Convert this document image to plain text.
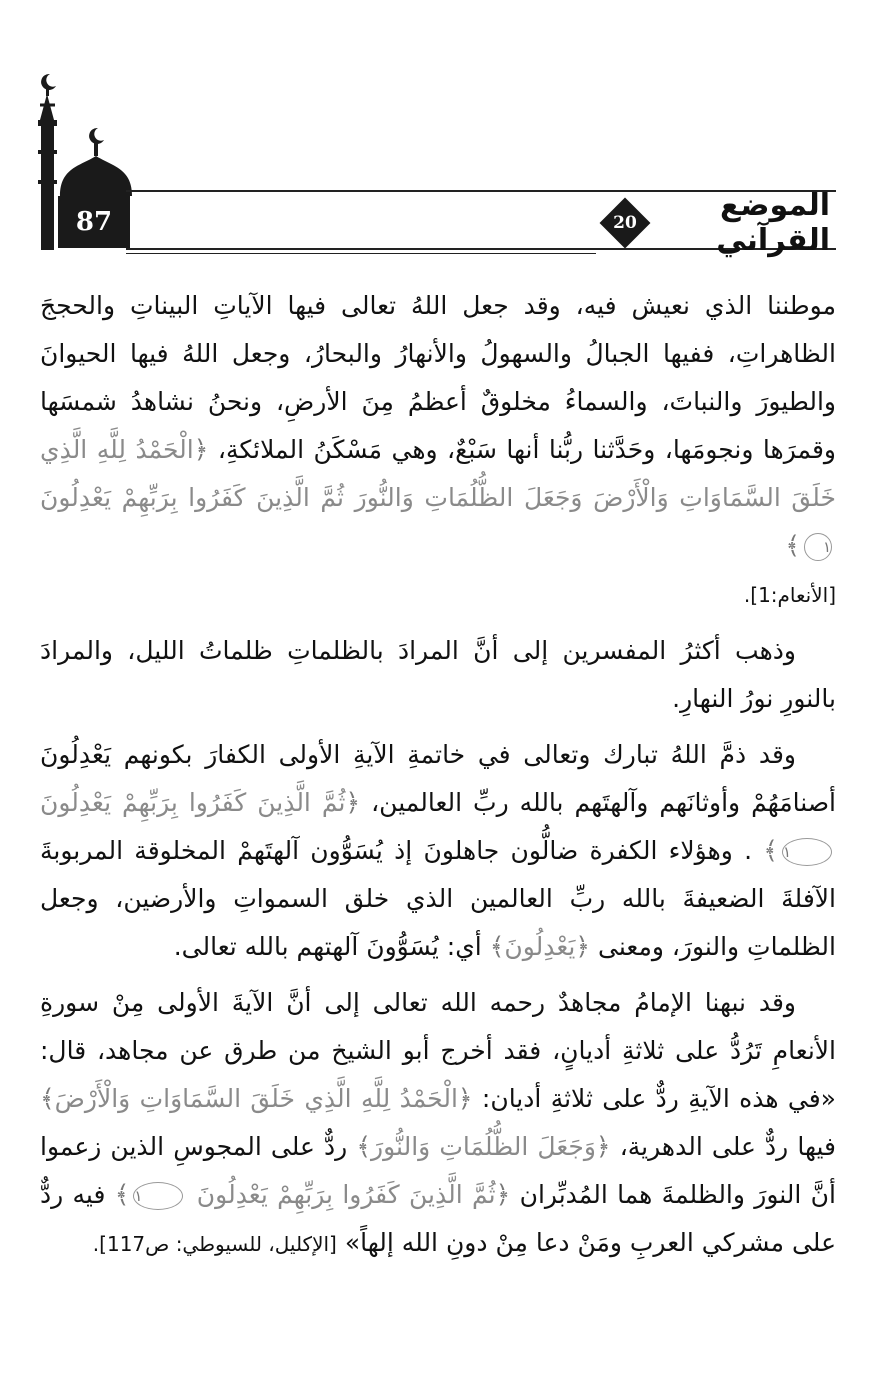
87	20	الموضع القرآني

موطننا الذي نعيش فيه، وقد جعل اللهُ تعالى فيها الآياتِ البيناتِ والحججَ الظاهراتِ، ففيها الجبالُ والسهولُ والأنهارُ والبحارُ، وجعل اللهُ فيها الحيوانَ والطيورَ والنباتَ، والسماءُ مخلوقٌ أعظمُ مِنَ الأرضِ، ونحنُ نشاهدُ شمسَها وقمرَها ونجومَها، وحَدَّثنا ربُّنا أنها سَبْعٌ، وهي مَسْكَنُ الملائكةِ، ﴿الْحَمْدُ لِلَّهِ الَّذِي خَلَقَ السَّمَاوَاتِ وَالْأَرْضَ وَجَعَلَ الظُّلُمَاتِ وَالنُّورَ ثُمَّ الَّذِينَ كَفَرُوا بِرَبِّهِمْ يَعْدِلُونَ ١﴾
[الأنعام:1].

وذهب أكثرُ المفسرين إلى أنَّ المرادَ بالظلماتِ ظلماتُ الليل، والمرادَ بالنورِ نورُ النهارِ.

وقد ذمَّ اللهُ تبارك وتعالى في خاتمةِ الآيةِ الأولى الكفارَ بكونهم يَعْدِلُونَ أصنامَهُمْ وأوثانَهم وآلهتَهم بالله ربِّ العالمين، ﴿ثُمَّ الَّذِينَ كَفَرُوا بِرَبِّهِمْ يَعْدِلُونَ ١﴾ . وهؤلاء الكفرة ضالُّون جاهلونَ إذ يُسَوُّون آلهتَهمْ المخلوقة المربوبةَ الآفلةَ الضعيفةَ بالله ربِّ العالمين الذي خلق السمواتِ والأرضين، وجعل الظلماتِ والنورَ، ومعنى ﴿يَعْدِلُونَ﴾ أي: يُسَوُّونَ آلهتهم بالله تعالى.

وقد نبهنا الإمامُ مجاهدٌ رحمه الله تعالى إلى أنَّ الآيةَ الأولى مِنْ سورةِ الأنعامِ تَرُدُّ على ثلاثةِ أديانٍ، فقد أخرج أبو الشيخ من طرق عن مجاهد، قال: «في هذه الآيةِ ردٌّ على ثلاثةِ أديان: ﴿الْحَمْدُ لِلَّهِ الَّذِي خَلَقَ السَّمَاوَاتِ وَالْأَرْضَ﴾ فيها ردٌّ على الدهرية، ﴿وَجَعَلَ الظُّلُمَاتِ وَالنُّورَ﴾ ردٌّ على المجوسِ الذين زعموا أنَّ النورَ والظلمةَ هما المُدبِّران ﴿ثُمَّ الَّذِينَ كَفَرُوا بِرَبِّهِمْ يَعْدِلُونَ ١﴾ فيه ردٌّ على مشركي العربِ ومَنْ دعا مِنْ دونِ الله إلهاً» [الإكليل، للسيوطي: ص117].
